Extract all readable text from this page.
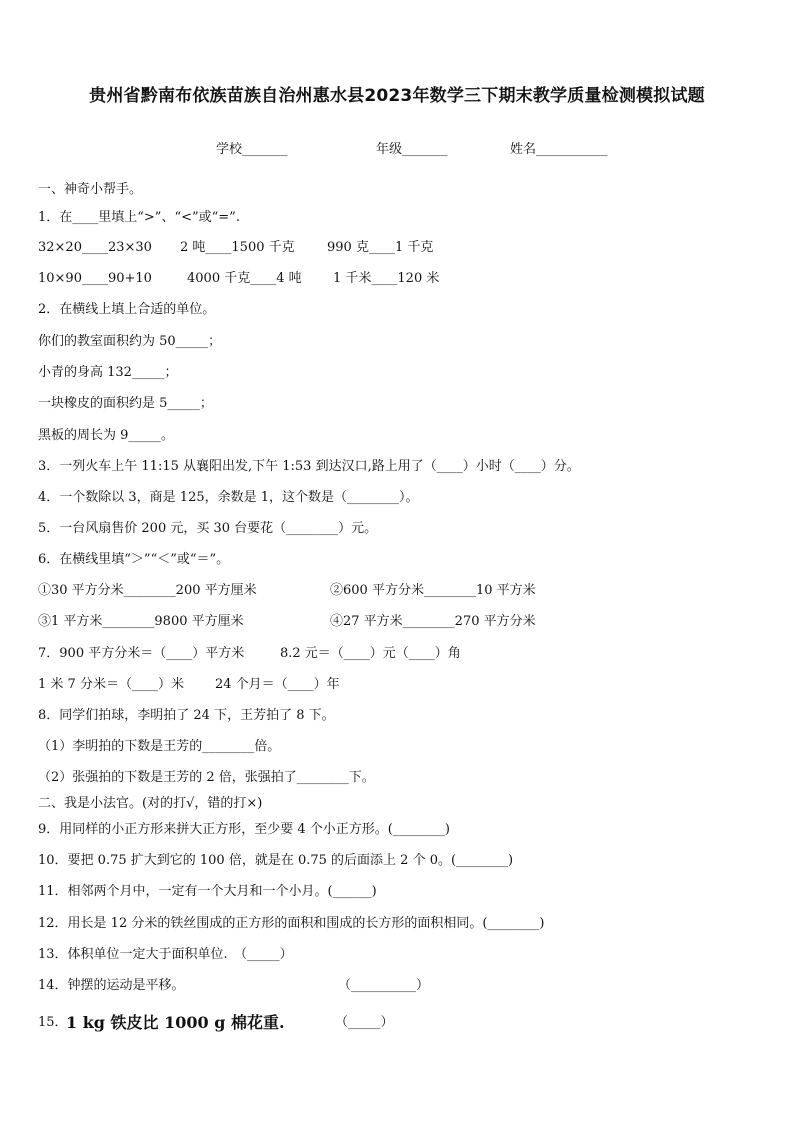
贵州省黔南布依族苗族自治州惠水县2023年数学三下期末教学质量检测模拟试题
学校_______	年级_______	姓名___________
一、神奇小帮手。
1．在____里填上“>”、“<”或“=”.
32×20____23×30 2 吨____1500 千克 990 克____1 千克
10×90____90+10	4000 千克____4 吨 1 千米____120 米
2．在横线上填上合适的单位。
你们的教室面积约为 50_____；
小青的身高 132_____；
一块橡皮的面积约是 5_____；
黑板的周长为 9_____。
3．一列火车上午 11:15 从襄阳出发,下午 1:53 到达汉口,路上用了（____）小时（____）分。
4．一个数除以 3，商是 125，余数是 1，这个数是（________）。
5．一台风扇售价 200 元，买 30 台要花（________）元。
6．在横线里填“＞”“＜”或“＝”。
①30 平方分米________200 平方厘米	②600 平方分米________10 平方米
③1 平方米________9800 平方厘米	④27 平方米________270 平方分米
7．900 平方分米＝（____）平方米	8.2 元＝（____）元（____）角
1 米 7 分米＝（____）米 24 个月＝（____）年
8．同学们拍球，李明拍了 24 下，王芳拍了 8 下。
（1）李明拍的下数是王芳的________倍。
（2）张强拍的下数是王芳的 2 倍，张强拍了________下。
二、我是小法官。(对的打√，错的打×)
9．用同样的小正方形来拼大正方形，至少要 4 个小正方形。(________)
10．要把 0.75 扩大到它的 100 倍，就是在 0.75 的后面添上 2 个 0。(________)
11．相邻两个月中，一定有一个大月和一个小月。(______)
12．用长是 12 分米的铁丝围成的正方形的面积和围成的长方形的面积相同。(________)
13．体积单位一定大于面积单位.　（_____）
14．钟摆的运动是平移。	（__________）
15．
1 kg 铁皮比 1000 g 棉花重.	（_____）
